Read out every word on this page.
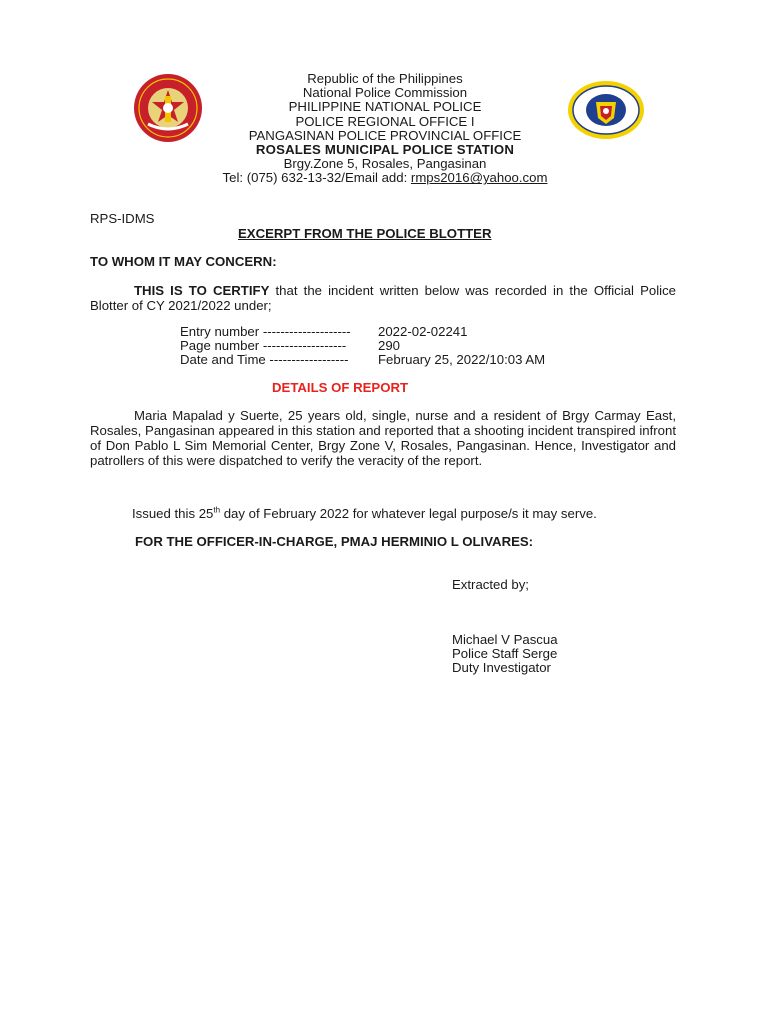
Republic of the Philippines
National Police Commission
PHILIPPINE NATIONAL POLICE
POLICE REGIONAL OFFICE I
PANGASINAN POLICE PROVINCIAL OFFICE
ROSALES MUNICIPAL POLICE STATION
Brgy.Zone 5, Rosales, Pangasinan
Tel: (075) 632-13-32/Email add: rmps2016@yahoo.com
RPS-IDMS
EXCERPT FROM THE POLICE BLOTTER
TO WHOM IT MAY CONCERN:
THIS IS TO CERTIFY that the incident written below was recorded in the Official Police Blotter of CY 2021/2022 under;
Entry number -------------------- 2022-02-02241
Page number ------------------- 290
Date and Time ------------------ February 25, 2022/10:03 AM
DETAILS OF REPORT
Maria Mapalad y Suerte, 25 years old, single, nurse and a resident of Brgy Carmay East, Rosales, Pangasinan appeared in this station and reported that a shooting incident transpired infront of Don Pablo L Sim Memorial Center, Brgy Zone V, Rosales, Pangasinan. Hence, Investigator and patrollers of this were dispatched to verify the veracity of the report.
Issued this 25th day of February 2022 for whatever legal purpose/s it may serve.
FOR THE OFFICER-IN-CHARGE, PMAJ HERMINIO L OLIVARES:
Extracted by;
Michael V Pascua
Police Staff Serge
Duty Investigator
